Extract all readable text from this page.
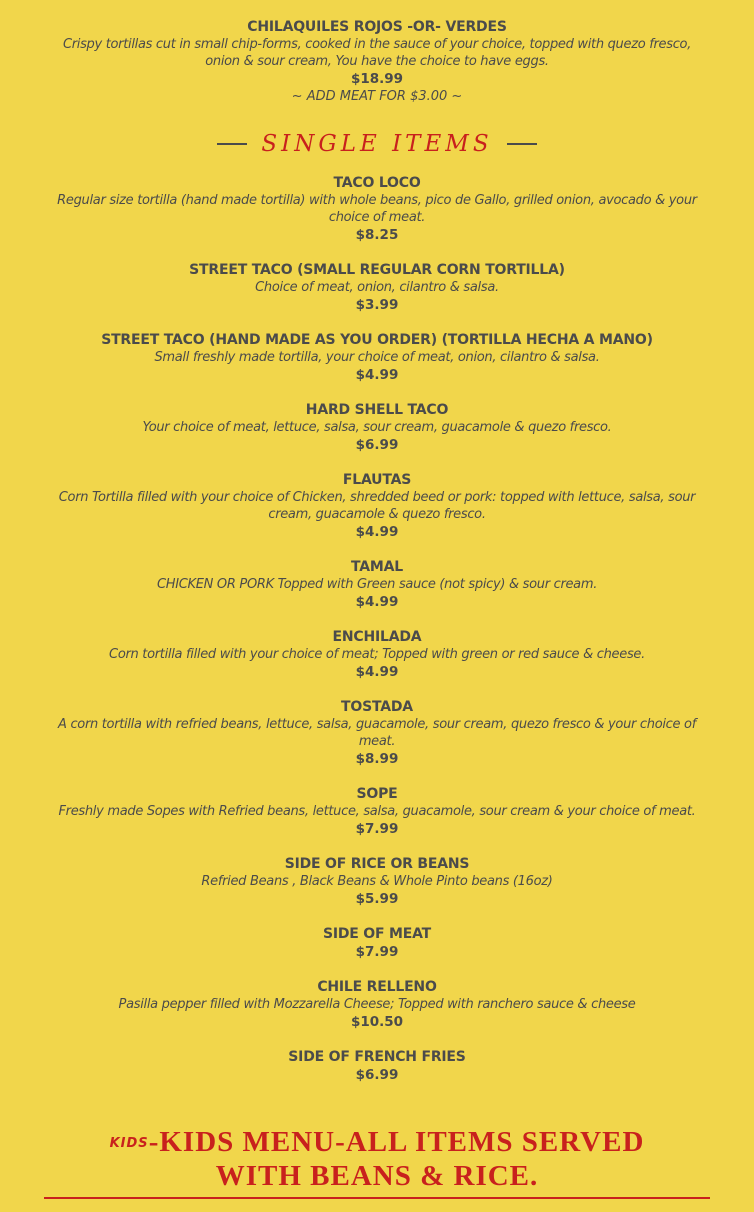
CHILAQUILES ROJOS -OR- VERDES
Crispy tortillas cut in small chip-forms, cooked in the sauce of your choice, topped with quezo fresco, onion & sour cream, You have the choice to have eggs.
$18.99
~ ADD MEAT FOR $3.00 ~
SINGLE ITEMS
TACO LOCO
Regular size tortilla (hand made tortilla) with whole beans, pico de Gallo, grilled onion, avocado & your choice of meat.
$8.25
STREET TACO (SMALL REGULAR CORN TORTILLA)
Choice of meat, onion, cilantro & salsa.
$3.99
STREET TACO (HAND MADE AS YOU ORDER) (TORTILLA HECHA A MANO)
Small freshly made tortilla, your choice of meat, onion, cilantro & salsa.
$4.99
HARD SHELL TACO
Your choice of meat, lettuce, salsa, sour cream, guacamole & quezo fresco.
$6.99
FLAUTAS
Corn Tortilla filled with your choice of Chicken, shredded beed or pork: topped with lettuce, salsa, sour cream, guacamole & quezo fresco.
$4.99
TAMAL
CHICKEN OR PORK Topped with Green sauce (not spicy) & sour cream.
$4.99
ENCHILADA
Corn tortilla filled with your choice of meat; Topped with green or red sauce & cheese.
$4.99
TOSTADA
A corn tortilla with refried beans, lettuce, salsa, guacamole, sour cream, quezo fresco & your choice of meat.
$8.99
SOPE
Freshly made Sopes with Refried beans, lettuce, salsa, guacamole, sour cream & your choice of meat.
$7.99
SIDE OF RICE OR BEANS
Refried Beans , Black Beans & Whole Pinto beans (16oz)
$5.99
SIDE OF MEAT
$7.99
CHILE RELLENO
Pasilla pepper filled with Mozzarella Cheese; Topped with ranchero sauce & cheese
$10.50
SIDE OF FRENCH FRIES
$6.99
KIDS-KIDS MENU-ALL ITEMS SERVED
WITH BEANS & RICE.
